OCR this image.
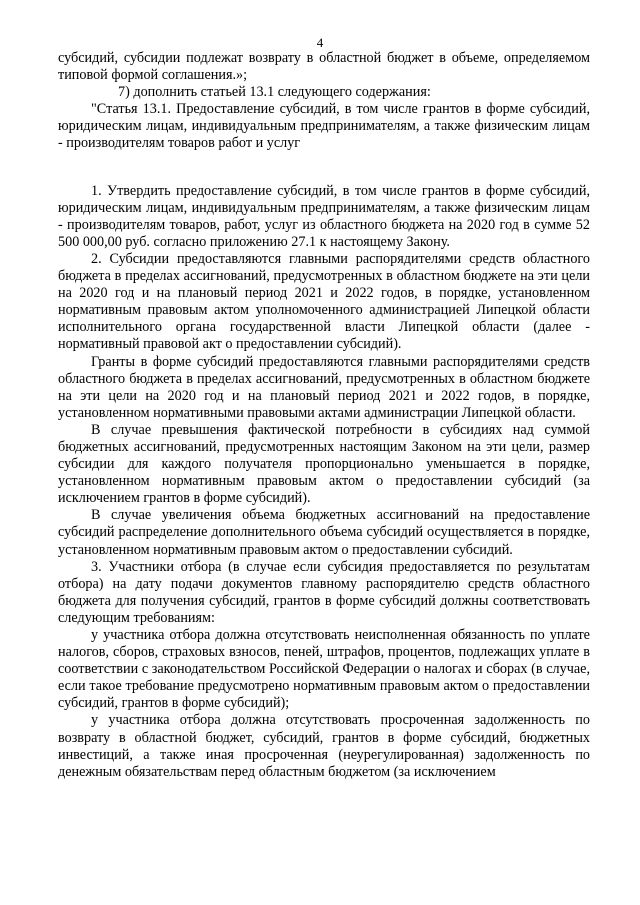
4

субсидий, субсидии подлежат возврату в областной бюджет в объеме, определяемом типовой формой соглашения.»;

7) дополнить статьей 13.1 следующего содержания:

"Статья 13.1. Предоставление субсидий, в том числе грантов в форме субсидий, юридическим лицам, индивидуальным предпринимателям, а также физическим лицам - производителям товаров работ и услуг

1. Утвердить предоставление субсидий, в том числе грантов в форме субсидий, юридическим лицам, индивидуальным предпринимателям, а также физическим лицам - производителям товаров, работ, услуг из областного бюджета на 2020 год в сумме 52 500 000,00 руб. согласно приложению 27.1 к настоящему Закону.

2. Субсидии предоставляются главными распорядителями средств областного бюджета в пределах ассигнований, предусмотренных в областном бюджете на эти цели на 2020 год и на плановый период 2021 и 2022 годов, в порядке, установленном нормативным правовым актом уполномоченного администрацией Липецкой области исполнительного органа государственной власти Липецкой области (далее - нормативный правовой акт о предоставлении субсидий).

Гранты в форме субсидий предоставляются главными распорядителями средств областного бюджета в пределах ассигнований, предусмотренных в областном бюджете на эти цели на 2020 год и на плановый период 2021 и 2022 годов, в порядке, установленном нормативными правовыми актами администрации Липецкой области.

В случае превышения фактической потребности в субсидиях над суммой бюджетных ассигнований, предусмотренных настоящим Законом на эти цели, размер субсидии для каждого получателя пропорционально уменьшается в порядке, установленном нормативным правовым актом о предоставлении субсидий (за исключением грантов в форме субсидий).

В случае увеличения объема бюджетных ассигнований на предоставление субсидий распределение дополнительного объема субсидий осуществляется в порядке, установленном нормативным правовым актом о предоставлении субсидий.

3. Участники отбора (в случае если субсидия предоставляется по результатам отбора) на дату подачи документов главному распорядителю средств областного бюджета для получения субсидий, грантов в форме субсидий должны соответствовать следующим требованиям:

у участника отбора должна отсутствовать неисполненная обязанность по уплате налогов, сборов, страховых взносов, пеней, штрафов, процентов, подлежащих уплате в соответствии с законодательством Российской Федерации о налогах и сборах (в случае, если такое требование предусмотрено нормативным правовым актом о предоставлении субсидий, грантов в форме субсидий);

у участника отбора должна отсутствовать просроченная задолженность по возврату в областной бюджет, субсидий, грантов в форме субсидий, бюджетных инвестиций, а также иная просроченная (неурегулированная) задолженность по денежным обязательствам перед областным бюджетом (за исключением
